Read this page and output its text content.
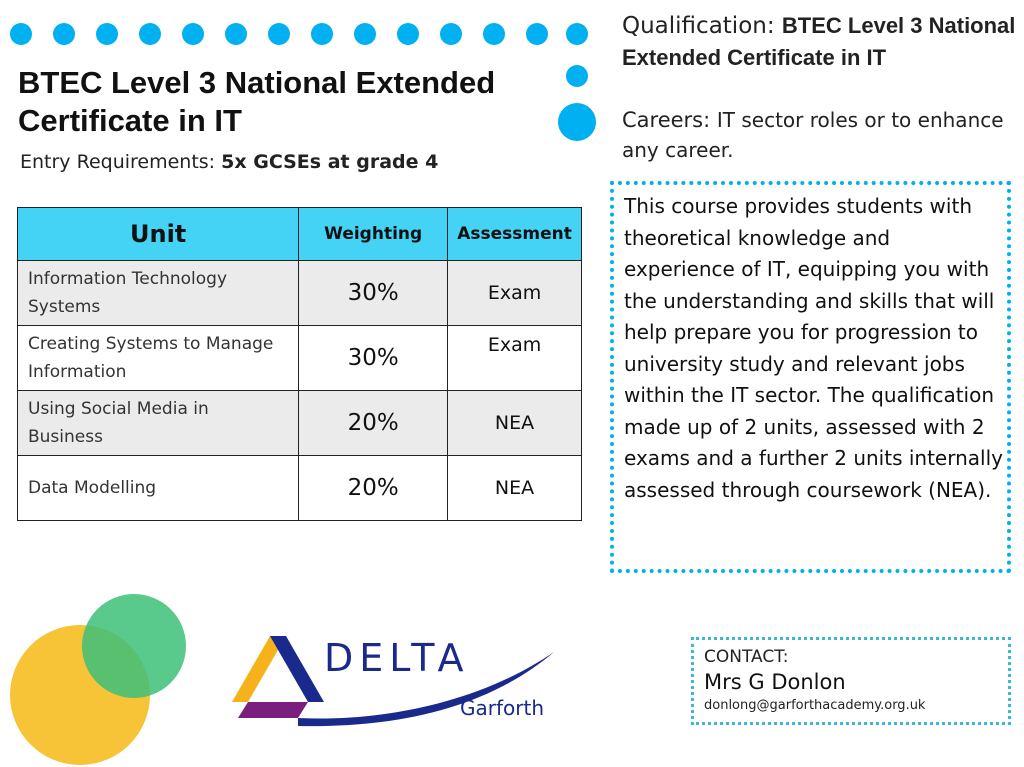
BTEC Level 3 National Extended Certificate in IT

Entry Requirements: 5x GCSEs at grade 4

Unit	Weighting	Assessment
Information Technology Systems	30%	Exam
Creating Systems to Manage Information	30%	Exam
Using Social Media in Business	20%	NEA
Data Modelling	20%	NEA
Qualification: BTEC Level 3 National Extended Certificate in IT
Careers: IT sector roles or to enhance any career.

This course provides students with theoretical knowledge and experience of IT, equipping you with the understanding and skills that will help prepare you for progression to university study and relevant jobs within the IT sector. The qualification made up of 2 units, assessed with 2 exams and a further 2 units internally assessed through coursework (NEA).

DELTA
Garforth
CONTACT:
Mrs G Donlon
donlong@garforthacademy.org.uk
